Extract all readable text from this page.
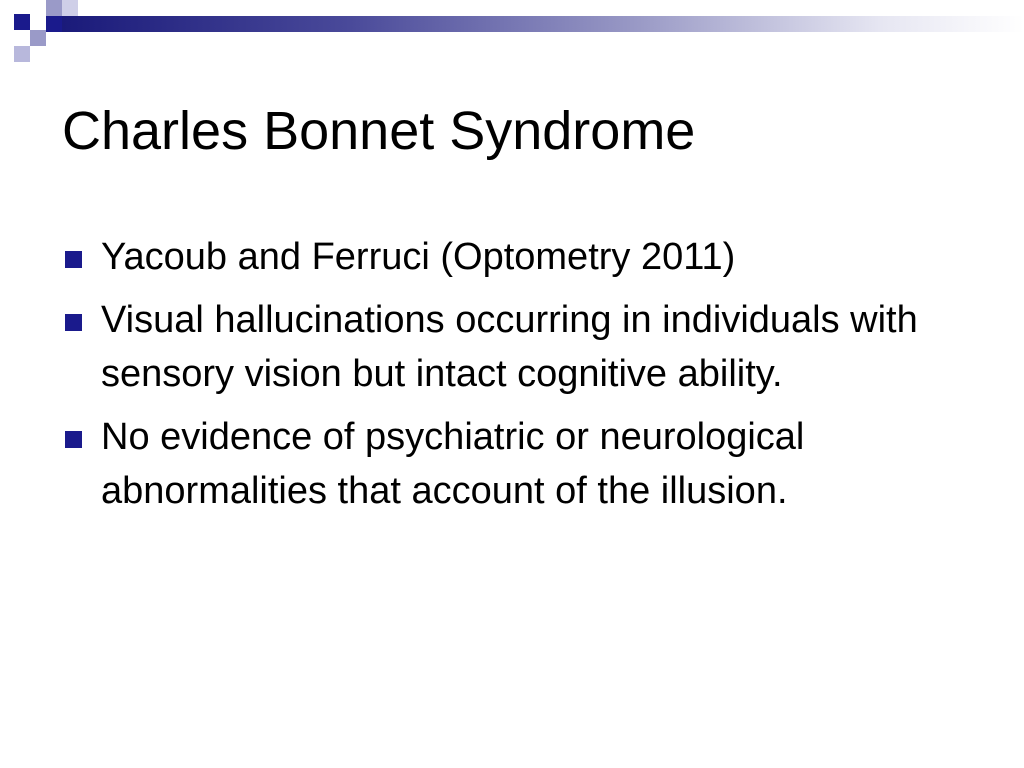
Charles Bonnet Syndrome
Yacoub and Ferruci (Optometry 2011)
Visual hallucinations occurring in individuals with sensory vision but intact cognitive ability.
No evidence of psychiatric or neurological abnormalities that account of the illusion.
